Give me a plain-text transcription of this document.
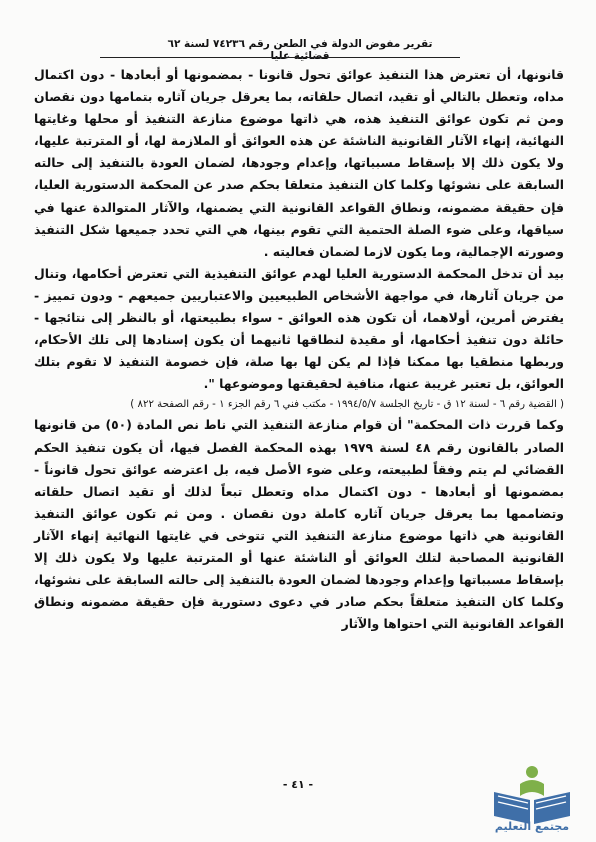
تقرير مفوض الدولة في الطعن رقم ٧٤٢٣٦ لسنة ٦٢ قضائية عليا

قانونها، أن تعترض هذا التنفيذ عوائق تحول قانونا - بمضمونها أو أبعادها - دون اكتمال مداه، وتعطل بالتالي أو تقيد، اتصال حلقاته، بما يعرقل جريان آثاره بتمامها دون نقصان ومن ثم تكون عوائق التنفيذ هذه، هي ذاتها موضوع منازعة التنفيذ أو محلها وغايتها النهائية، إنهاء الآثار القانونية الناشئة عن هذه العوائق أو الملازمة لها، أو المترتبة عليها، ولا يكون ذلك إلا بإسقاط مسبباتها، وإعدام وجودها، لضمان العودة بالتنفيذ إلى حالته السابقة على نشوئها وكلما كان التنفيذ متعلقا بحكم صدر عن المحكمة الدستورية العليا، فإن حقيقة مضمونه، ونطاق القواعد القانونية التي يضمنها، والآثار المتوالدة عنها في سياقها، وعلى ضوء الصلة الحتمية التي تقوم بينها، هي التي تحدد جميعها شكل التنفيذ وصورته الإجمالية، وما يكون لازما لضمان فعاليته .

بيد أن تدخل المحكمة الدستورية العليا لهدم عوائق التنفيذية التي تعترض أحكامها، وتنال من جريان آثارها، في مواجهة الأشخاص الطبيعيين والاعتباريين جميعهم - ودون تمييز - يفترض أمرين، أولاهما، أن تكون هذه العوائق - سواء بطبيعتها، أو بالنظر إلى نتائجها - حائلة دون تنفيذ أحكامها، أو مقيدة لنطاقها ثانيهما أن يكون إسنادها إلى تلك الأحكام، وربطها منطقيا بها ممكنا فإذا لم يكن لها بها صلة، فإن خصومة التنفيذ لا تقوم بتلك العوائق، بل تعتبر غريبة عنها، منافية لحقيقتها وموضوعها ".

( القضية رقم ٦ - لسنة ١٢ ق - تاريخ الجلسة ١٩٩٤/٥/٧ - مكتب فني ٦ رقم الجزء ١ - رقم الصفحة ٨٢٢ )

وكما قررت ذات المحكمة" أن قوام منازعة التنفيذ التي ناط نص المادة (٥٠) من قانونها الصادر بالقانون رقم ٤٨ لسنة ١٩٧٩ بهذه المحكمة الفصل فيها، أن يكون تنفيذ الحكم القضائي لم يتم وفقاً لطبيعته، وعلى ضوء الأصل فيه، بل اعترضه عوائق تحول قانوناً - بمضمونها أو أبعادها - دون اكتمال مداه وتعطل تبعاً لذلك أو تقيد اتصال حلقاته وتضاممها بما يعرقل جريان آثاره كاملة دون نقصان . ومن ثم تكون عوائق التنفيذ القانونية هي ذاتها موضوع منازعة التنفيذ التي تتوخى في غايتها النهائية إنهاء الآثار القانونية المصاحبة لتلك العوائق أو الناشئة عنها أو المترتبة عليها ولا يكون ذلك إلا بإسقاط مسبباتها وإعدام وجودها لضمان العودة بالتنفيذ إلى حالته السابقة على نشوئها، وكلما كان التنفيذ متعلقاً بحكم صادر في دعوى دستورية فإن حقيقة مضمونه ونطاق القواعد القانونية التي احتواها والآثار

- ٤١ -
مجتمع التعليم
